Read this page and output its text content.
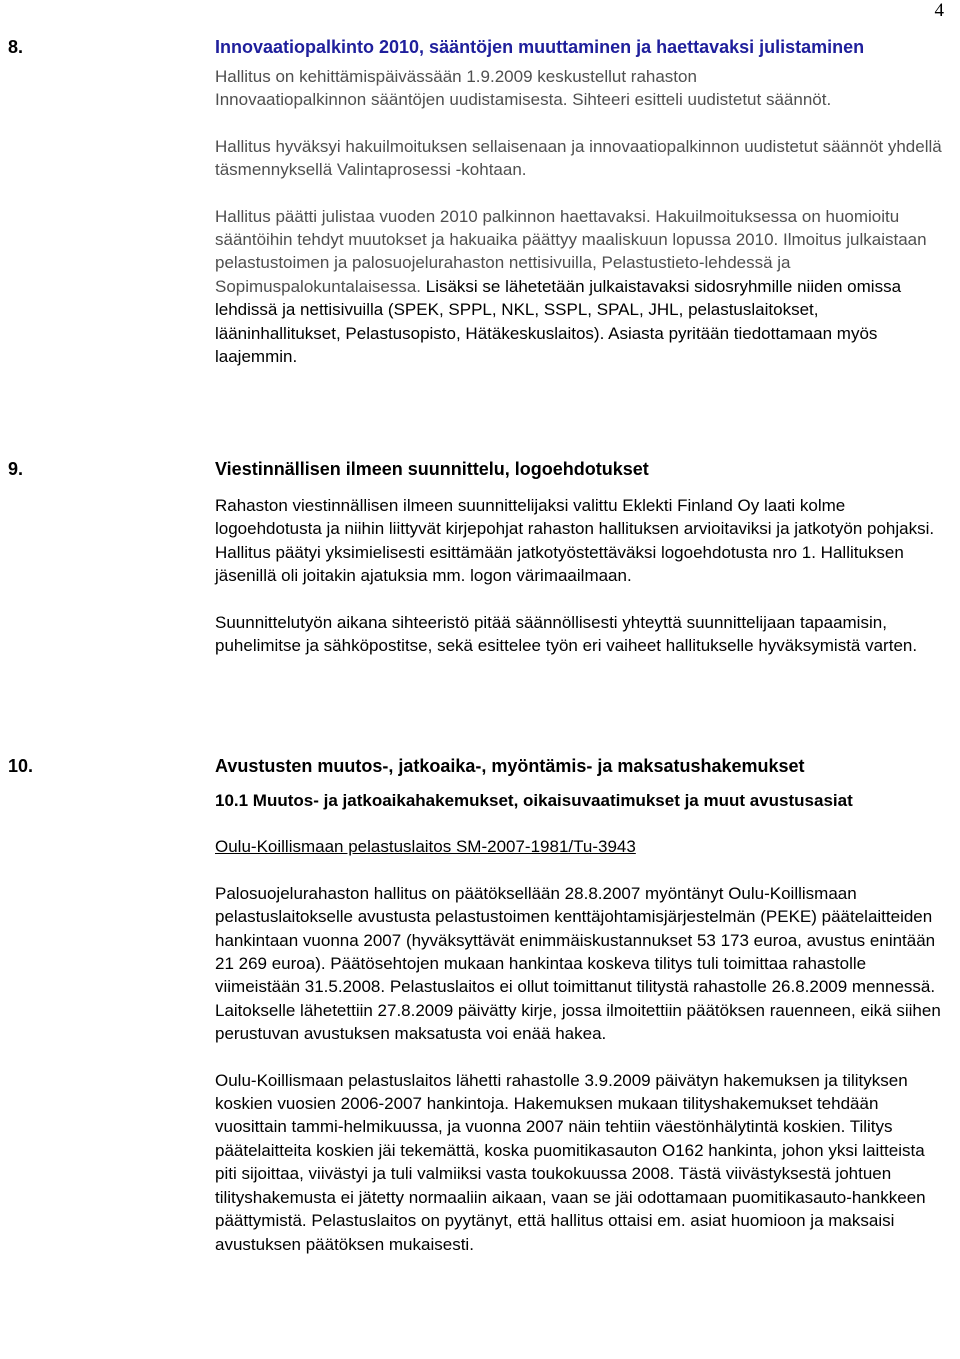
4
8.	Innovaatiopalkinto 2010, sääntöjen muuttaminen ja haettavaksi julistaminen

Hallitus on kehittämispäivässään 1.9.2009 keskustellut rahaston Innovaatiopalkinnon sääntöjen uudistamisesta. Sihteeri esitteli uudistetut säännöt.

Hallitus hyväksyi hakuilmoituksen sellaisenaan ja innovaatiopalkinnon uudistetut säännöt yhdellä täsmennyksellä Valintaprosessi -kohtaan.

Hallitus päätti julistaa vuoden 2010 palkinnon haettavaksi. Hakuilmoituksessa on huomioitu sääntöihin tehdyt muutokset ja hakuaika päättyy maaliskuun lopussa 2010. Ilmoitus julkaistaan pelastustoimen ja palosuojelurahaston nettisivuilla, Pelastustieto-lehdessä ja Sopimuspalokuntalaisessa. Lisäksi se lähetetään julkaistavaksi sidosryhmille niiden omissa lehdissä ja nettisivuilla (SPEK, SPPL, NKL, SSPL, SPAL, JHL, pelastuslaitokset, lääninhallitukset, Pelastusopisto, Hätäkeskuslaitos). Asiasta pyritään tiedottamaan myös laajemmin.

9.	Viestinnällisen ilmeen suunnittelu, logoehdotukset

Rahaston viestinnällisen ilmeen suunnittelijaksi valittu Eklekti Finland Oy laati kolme logoehdotusta ja niihin liittyvät kirjepohjat rahaston hallituksen arvioitaviksi ja jatkotyön pohjaksi. Hallitus päätyi yksimielisesti esittämään jatkotyöstettäväksi logoehdotusta nro 1. Hallituksen jäsenillä oli joitakin ajatuksia mm. logon värimaailmaan.

Suunnittelutyön aikana sihteeristö pitää säännöllisesti yhteyttä suunnittelijaan tapaamisin, puhelimitse ja sähköpostitse, sekä esittelee työn eri vaiheet hallitukselle hyväksymistä varten.

10.	Avustusten muutos-, jatkoaika-, myöntämis- ja maksatushakemukset
10.1 Muutos- ja jatkoaikahakemukset, oikaisuvaatimukset ja muut avustusasiat
Oulu-Koillismaan pelastuslaitos SM-2007-1981/Tu-3943

Palosuojelurahaston hallitus on päätöksellään 28.8.2007 myöntänyt Oulu-Koillismaan pelastuslaitokselle avustusta pelastustoimen kenttäjohtamisjärjestelmän (PEKE) päätelaitteiden hankintaan vuonna 2007 (hyväksyttävät enimmäiskustannukset 53 173 euroa, avustus enintään 21 269 euroa). Päätösehtojen mukaan hankintaa koskeva tilitys tuli toimittaa rahastolle viimeistään 31.5.2008. Pelastuslaitos ei ollut toimittanut tilitystä rahastolle 26.8.2009 mennessä. Laitokselle lähetettiin 27.8.2009 päivätty kirje, jossa ilmoitettiin päätöksen rauenneen, eikä siihen perustuvan avustuksen maksatusta voi enää hakea.

Oulu-Koillismaan pelastuslaitos lähetti rahastolle 3.9.2009 päivätyn hakemuksen ja tilityksen koskien vuosien 2006-2007 hankintoja. Hakemuksen mukaan tilityshakemukset tehdään vuosittain tammi-helmikuussa, ja vuonna 2007 näin tehtiin väestönhälytintä koskien. Tilitys päätelaitteita koskien jäi tekemättä, koska puomitikasauton O162 hankinta, johon yksi laitteista piti sijoittaa, viivästyi ja tuli valmiiksi vasta toukokuussa 2008. Tästä viivästyksestä johtuen tilityshakemusta ei jätetty normaaliin aikaan, vaan se jäi odottamaan puomitikasauto-hankkeen päättymistä. Pelastuslaitos on pyytänyt, että hallitus ottaisi em. asiat huomioon ja maksaisi avustuksen päätöksen mukaisesti.
